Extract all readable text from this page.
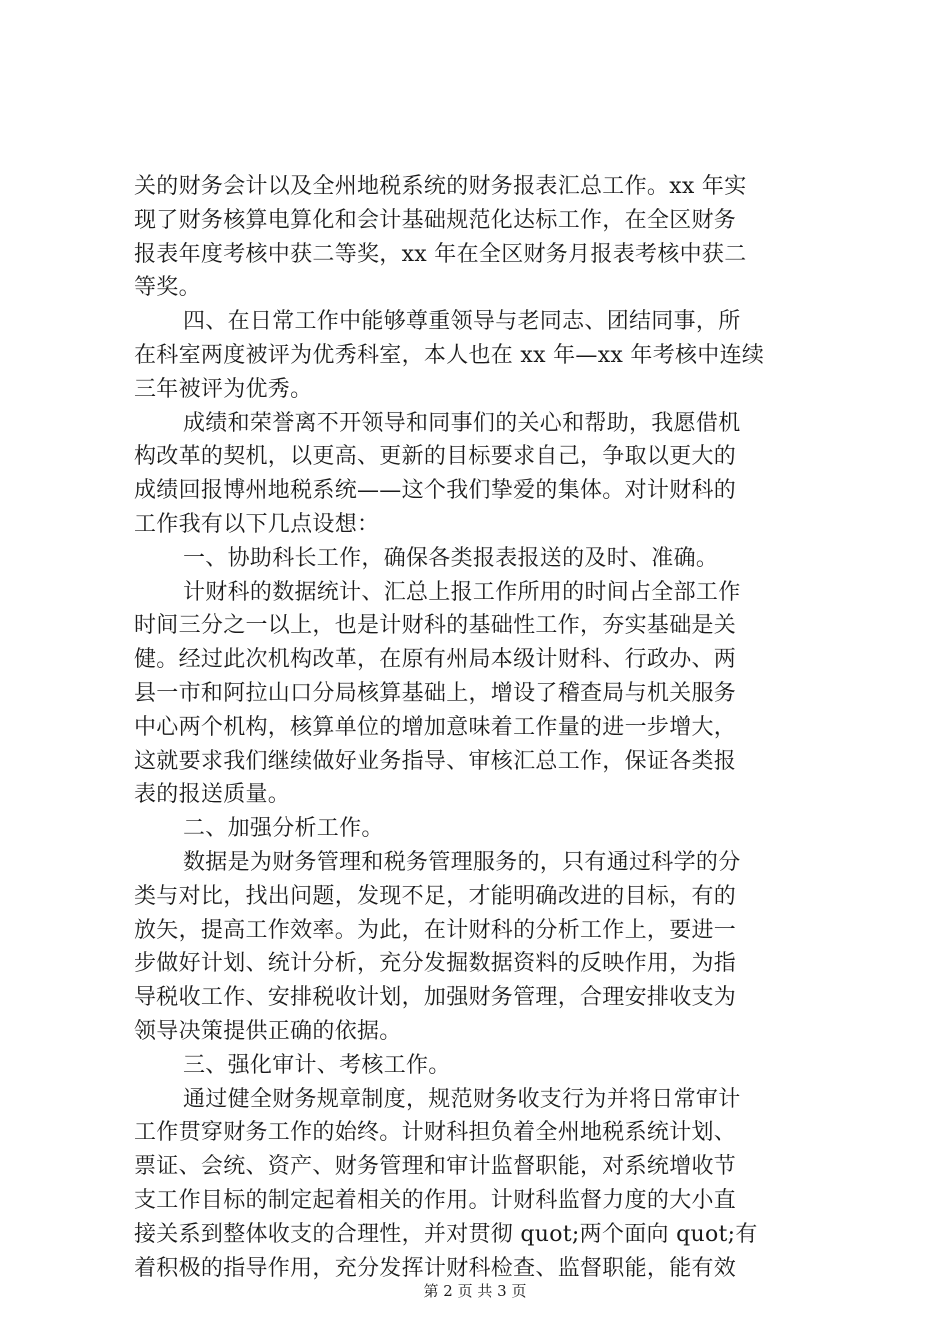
关的财务会计以及全州地税系统的财务报表汇总工作。xx 年实
现了财务核算电算化和会计基础规范化达标工作，在全区财务
报表年度考核中获二等奖，xx 年在全区财务月报表考核中获二
等奖。
四、在日常工作中能够尊重领导与老同志、团结同事，所
在科室两度被评为优秀科室，本人也在 xx 年—xx 年考核中连续
三年被评为优秀。
成绩和荣誉离不开领导和同事们的关心和帮助，我愿借机
构改革的契机，以更高、更新的目标要求自己，争取以更大的
成绩回报博州地税系统——这个我们挚爱的集体。对计财科的
工作我有以下几点设想：
一、协助科长工作，确保各类报表报送的及时、准确。
计财科的数据统计、汇总上报工作所用的时间占全部工作
时间三分之一以上，也是计财科的基础性工作，夯实基础是关
健。经过此次机构改革，在原有州局本级计财科、行政办、两
县一市和阿拉山口分局核算基础上，增设了稽查局与机关服务
中心两个机构，核算单位的增加意味着工作量的进一步增大，
这就要求我们继续做好业务指导、审核汇总工作，保证各类报
表的报送质量。
二、加强分析工作。
数据是为财务管理和税务管理服务的，只有通过科学的分
类与对比，找出问题，发现不足，才能明确改进的目标，有的
放矢，提高工作效率。为此，在计财科的分析工作上，要进一
步做好计划、统计分析，充分发掘数据资料的反映作用，为指
导税收工作、安排税收计划，加强财务管理，合理安排收支为
领导决策提供正确的依据。
三、强化审计、考核工作。
通过健全财务规章制度，规范财务收支行为并将日常审计
工作贯穿财务工作的始终。计财科担负着全州地税系统计划、
票证、会统、资产、财务管理和审计监督职能，对系统增收节
支工作目标的制定起着相关的作用。计财科监督力度的大小直
接关系到整体收支的合理性，并对贯彻 quot;两个面向 quot;有
着积极的指导作用，充分发挥计财科检查、监督职能，能有效
第 2 页 共 3 页
